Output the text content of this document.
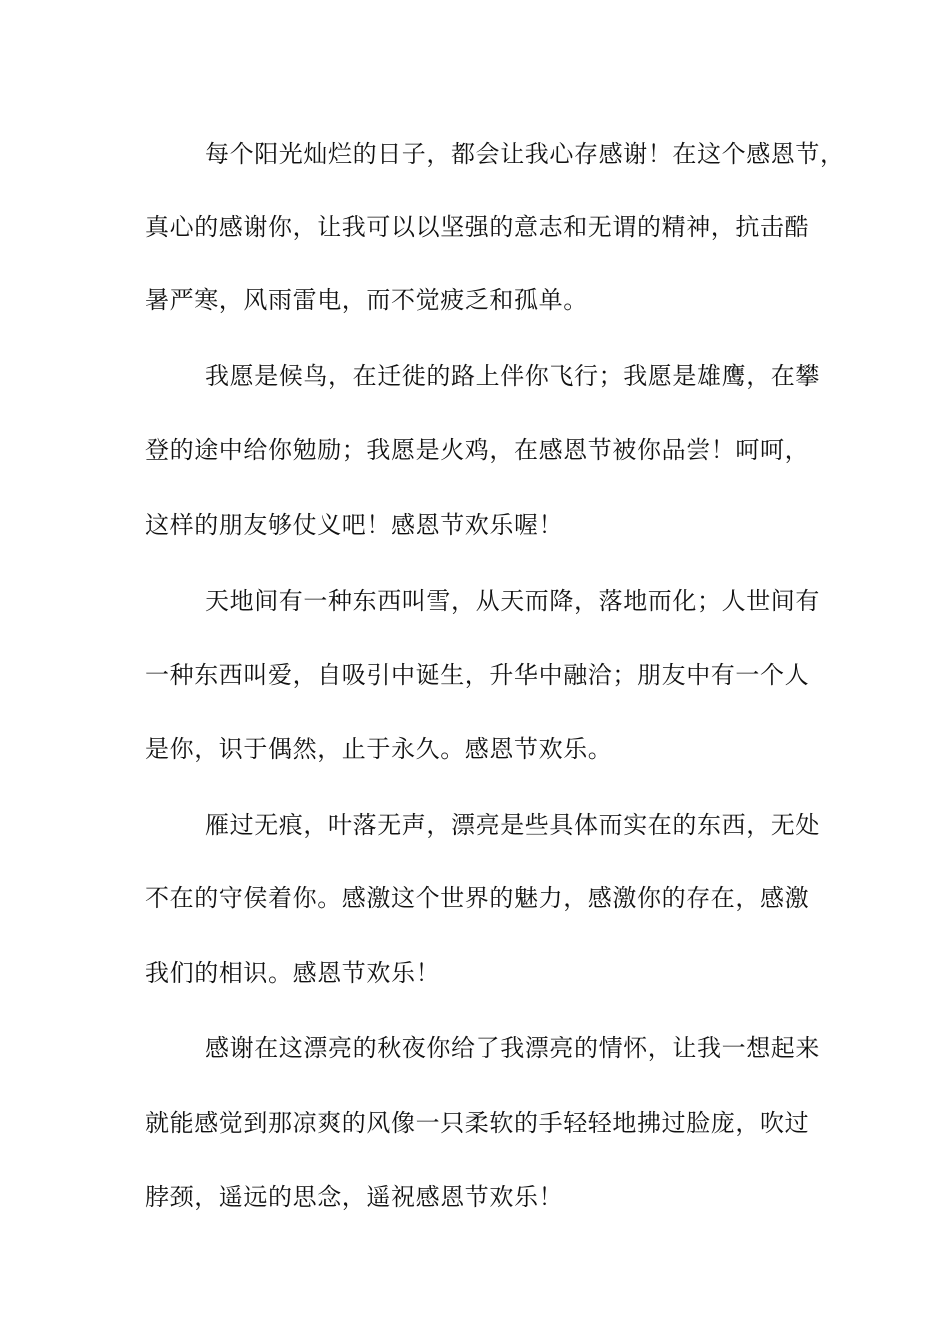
每个阳光灿烂的日子，都会让我心存感谢！在这个感恩节，
真心的感谢你，让我可以以坚强的意志和无谓的精神，抗击酷
暑严寒，风雨雷电，而不觉疲乏和孤单。
我愿是候鸟，在迁徙的路上伴你飞行；我愿是雄鹰，在攀
登的途中给你勉励；我愿是火鸡，在感恩节被你品尝！呵呵，
这样的朋友够仗义吧！感恩节欢乐喔！
天地间有一种东西叫雪，从天而降，落地而化；人世间有
一种东西叫爱，自吸引中诞生，升华中融洽；朋友中有一个人
是你，识于偶然，止于永久。感恩节欢乐。
雁过无痕，叶落无声，漂亮是些具体而实在的东西，无处
不在的守侯着你。感激这个世界的魅力，感激你的存在，感激
我们的相识。感恩节欢乐！
感谢在这漂亮的秋夜你给了我漂亮的情怀，让我一想起来
就能感觉到那凉爽的风像一只柔软的手轻轻地拂过脸庞，吹过
脖颈，遥远的思念，遥祝感恩节欢乐！
